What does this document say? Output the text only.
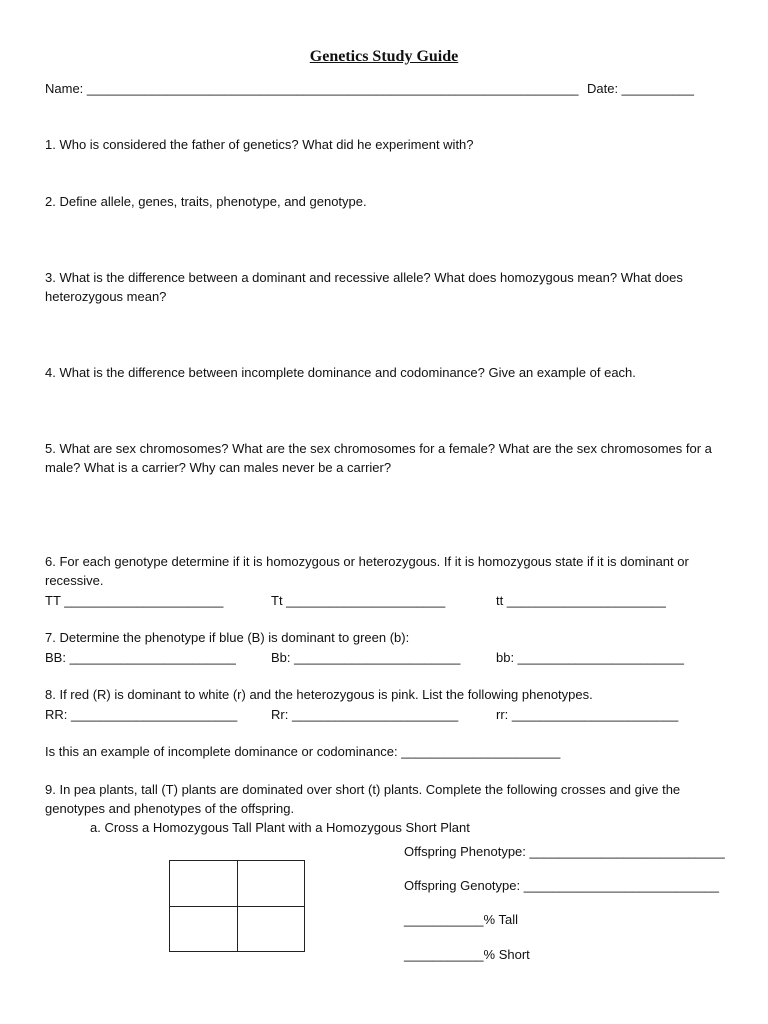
Genetics Study Guide
Name: ____________________________________________________________________ Date: __________
1. Who is considered the father of genetics? What did he experiment with?
2. Define allele, genes, traits, phenotype, and genotype.
3. What is the difference between a dominant and recessive allele? What does homozygous mean? What does heterozygous mean?
4. What is the difference between incomplete dominance and codominance? Give an example of each.
5. What are sex chromosomes? What are the sex chromosomes for a female? What are the sex chromosomes for a male? What is a carrier? Why can males never be a carrier?
6. For each genotype determine if it is homozygous or heterozygous. If it is homozygous state if it is dominant or recessive.
TT ______________________	Tt ______________________	tt ______________________
7. Determine the phenotype if blue (B) is dominant to green (b):
BB: _______________________	Bb: _______________________	bb: _______________________
8. If red (R) is dominant to white (r) and the heterozygous is pink. List the following phenotypes.
RR: _______________________	Rr: _______________________	rr: _______________________
Is this an example of incomplete dominance or codominance: ______________________
9. In pea plants, tall (T) plants are dominated over short (t) plants. Complete the following crosses and give the genotypes and phenotypes of the offspring.
a. Cross a Homozygous Tall Plant with a Homozygous Short Plant
Offspring Phenotype: ___________________________
Offspring Genotype: ___________________________
___________% Tall
___________% Short
